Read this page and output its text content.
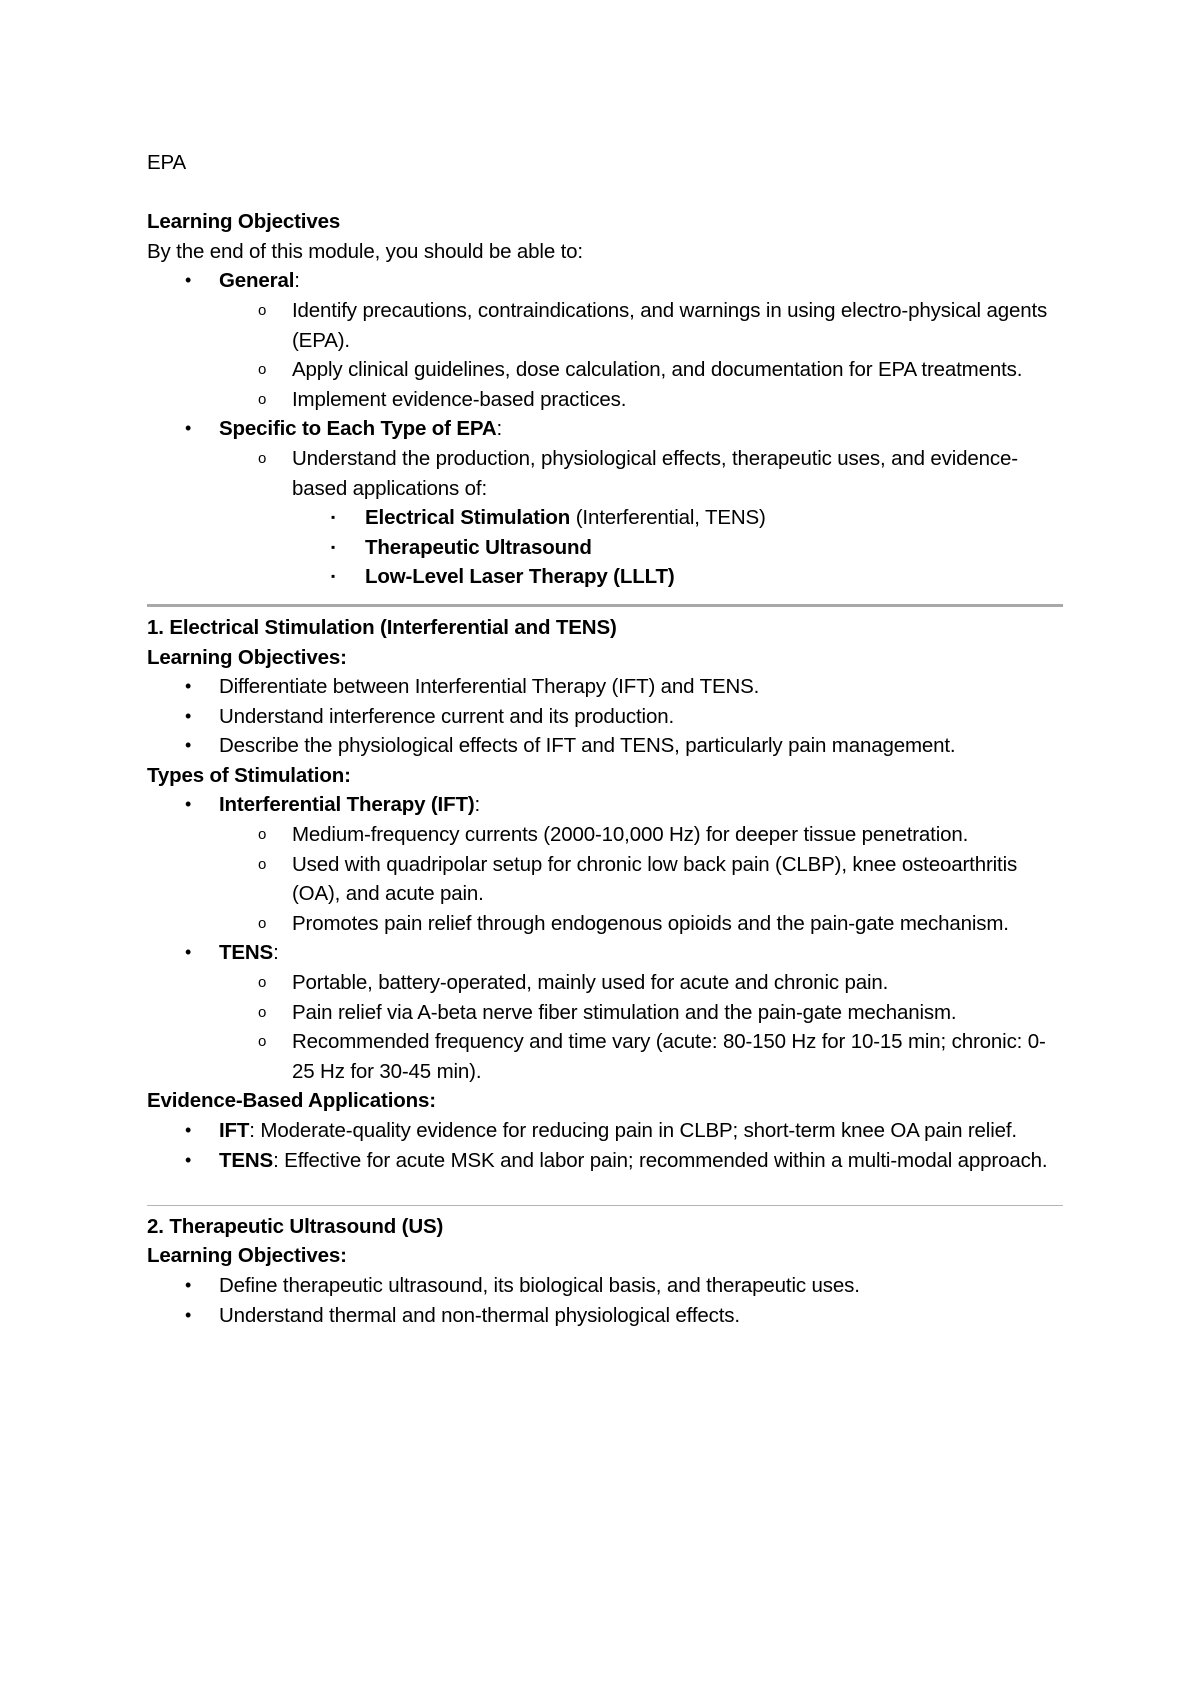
EPA

Learning Objectives

By the end of this module, you should be able to:

•
General:

o
Identify precautions, contraindications, and warnings in using electro-physical agents (EPA).

o
Apply clinical guidelines, dose calculation, and documentation for EPA treatments.

o
Implement evidence-based practices.

•
Specific to Each Type of EPA:

o
Understand the production, physiological effects, therapeutic uses, and evidence-based applications of:

▪
Electrical Stimulation (Interferential, TENS)

▪
Therapeutic Ultrasound

▪
Low-Level Laser Therapy (LLLT)

1. Electrical Stimulation (Interferential and TENS)

Learning Objectives:

•
Differentiate between Interferential Therapy (IFT) and TENS.

•
Understand interference current and its production.

•
Describe the physiological effects of IFT and TENS, particularly pain management.

Types of Stimulation:

•
Interferential Therapy (IFT):

o
Medium-frequency currents (2000-10,000 Hz) for deeper tissue penetration.

o
Used with quadripolar setup for chronic low back pain (CLBP), knee osteoarthritis (OA), and acute pain.

o
Promotes pain relief through endogenous opioids and the pain-gate mechanism.

•
TENS:

o
Portable, battery-operated, mainly used for acute and chronic pain.

o
Pain relief via A-beta nerve fiber stimulation and the pain-gate mechanism.

o
Recommended frequency and time vary (acute: 80-150 Hz for 10-15 min; chronic: 0-25 Hz for 30-45 min).

Evidence-Based Applications:

•
IFT: Moderate-quality evidence for reducing pain in CLBP; short-term knee OA pain relief.

•
TENS: Effective for acute MSK and labor pain; recommended within a multi-modal approach.

2. Therapeutic Ultrasound (US)

Learning Objectives:

•
Define therapeutic ultrasound, its biological basis, and therapeutic uses.

•
Understand thermal and non-thermal physiological effects.
